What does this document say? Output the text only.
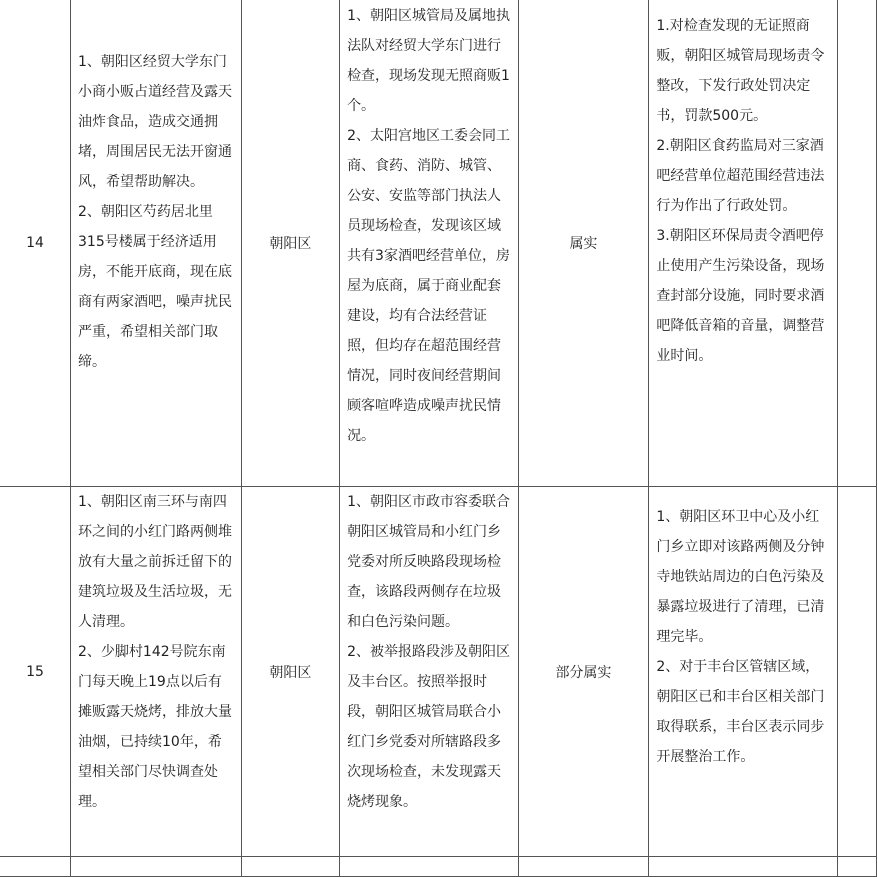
14	1、朝阳区经贸大学东门小商小贩占道经营及露天油炸食品，造成交通拥堵，周围居民无法开窗通风，希望帮助解决。
2、朝阳区芍药居北里315号楼属于经济适用房，不能开底商，现在底商有两家酒吧，噪声扰民严重，希望相关部门取缔。	朝阳区	1、朝阳区城管局及属地执法队对经贸大学东门进行检查，现场发现无照商贩1个。
2、太阳宫地区工委会同工商、食药、消防、城管、公安、安监等部门执法人员现场检查，发现该区域共有3家酒吧经营单位，房屋为底商，属于商业配套建设，均有合法经营证照，但均存在超范围经营情况，同时夜间经营期间顾客喧哗造成噪声扰民情况。	属实	1.对检查发现的无证照商贩，朝阳区城管局现场责令整改，下发行政处罚决定书，罚款500元。
2.朝阳区食药监局对三家酒吧经营单位超范围经营违法行为作出了行政处罚。
3.朝阳区环保局责令酒吧停止使用产生污染设备，现场查封部分设施，同时要求酒吧降低音箱的音量，调整营业时间。	

15	1、朝阳区南三环与南四环之间的小红门路两侧堆放有大量之前拆迁留下的建筑垃圾及生活垃圾，无人清理。
2、少脚村142号院东南门每天晚上19点以后有摊贩露天烧烤，排放大量油烟，已持续10年，希望相关部门尽快调查处理。	朝阳区	1、朝阳区市政市容委联合朝阳区城管局和小红门乡党委对所反映路段现场检查，该路段两侧存在垃圾和白色污染问题。
2、被举报路段涉及朝阳区及丰台区。按照举报时段，朝阳区城管局联合小红门乡党委对所辖路段多次现场检查，未发现露天烧烤现象。	部分属实	1、朝阳区环卫中心及小红门乡立即对该路两侧及分钟寺地铁站周边的白色污染及暴露垃圾进行了清理，已清理完毕。
2、对于丰台区管辖区域，朝阳区已和丰台区相关部门取得联系，丰台区表示同步开展整治工作。	
